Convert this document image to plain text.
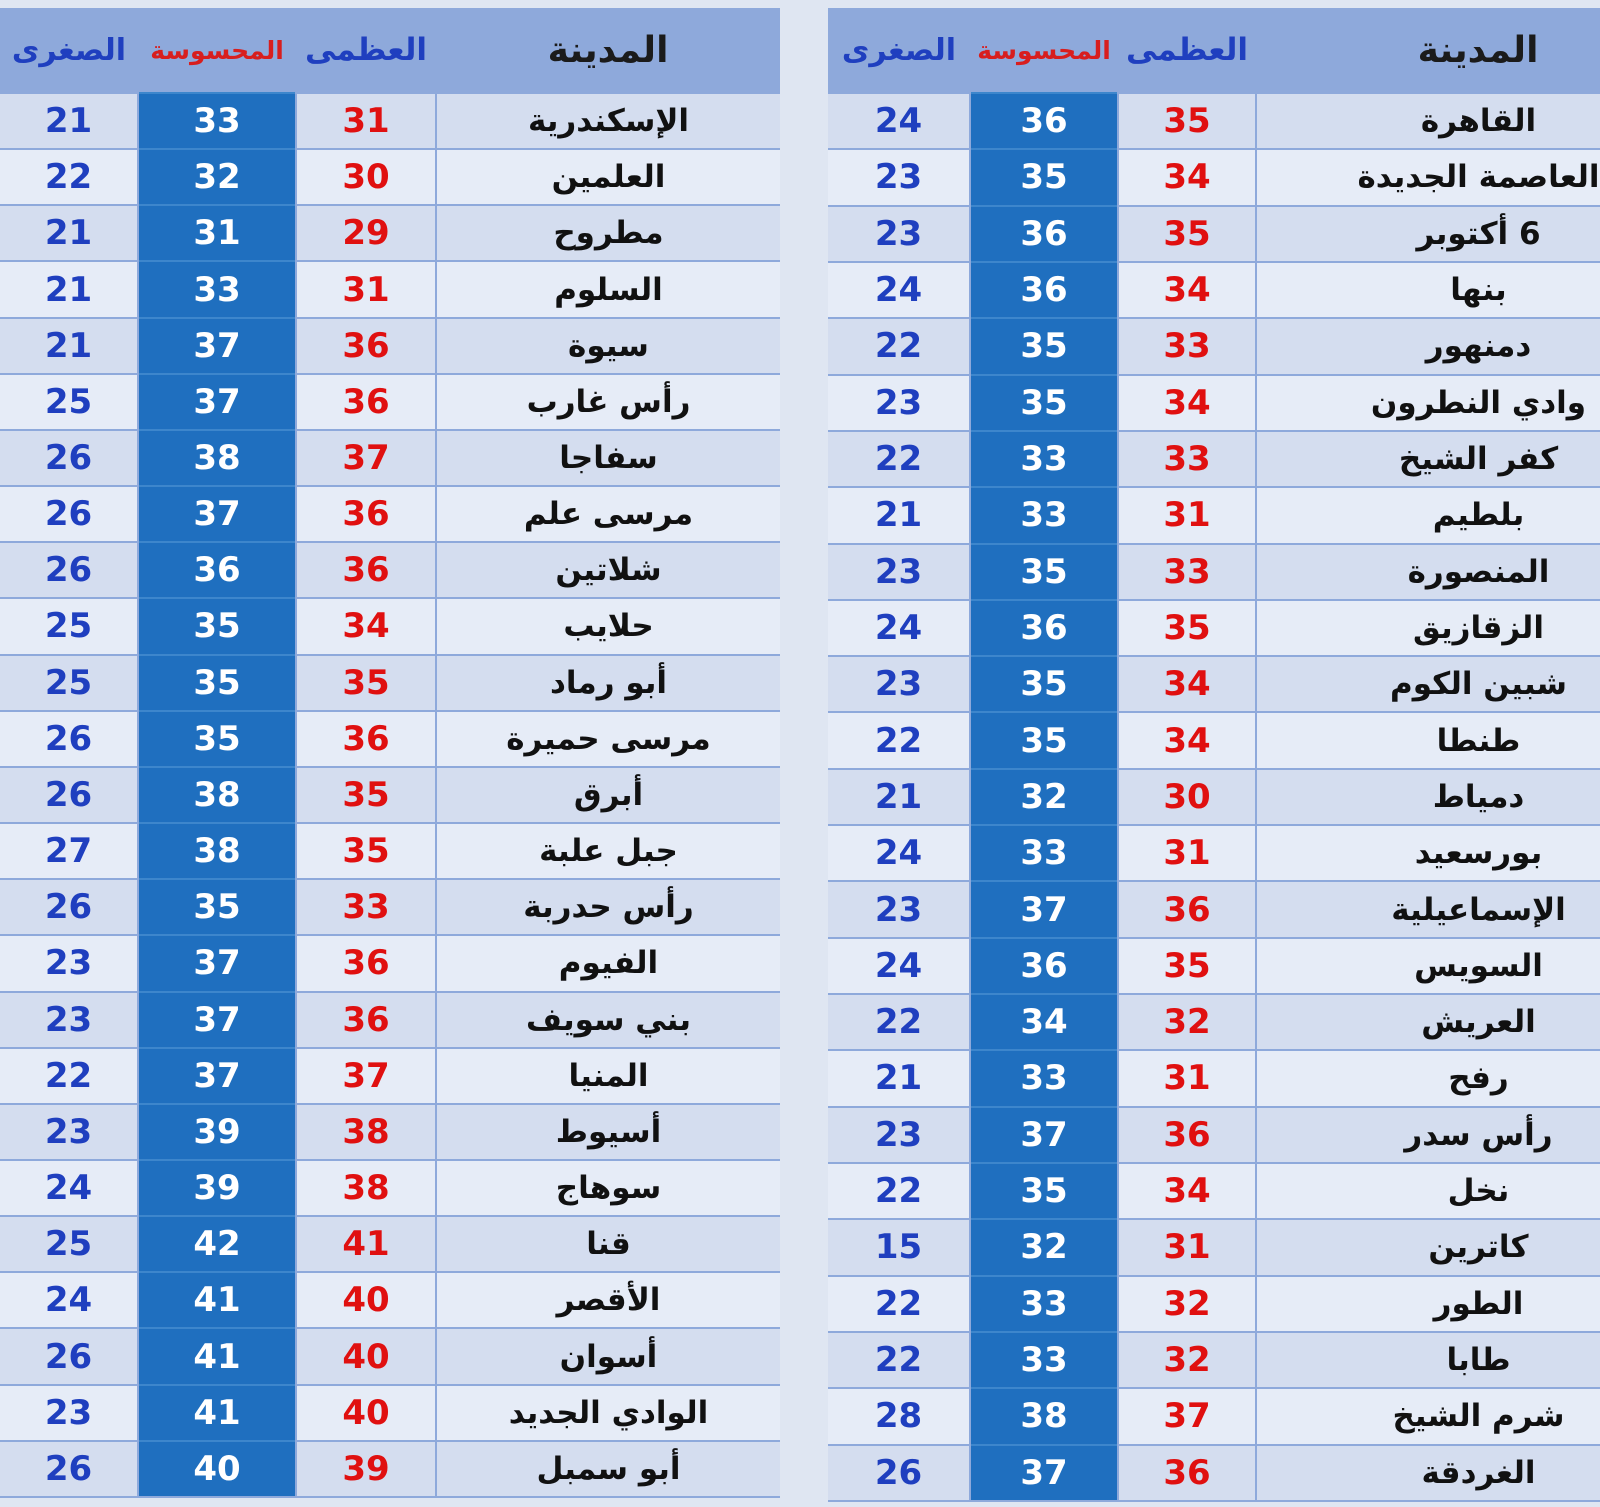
المدينة	العظمى	المحسوسة	الصغرى
القاهرة	35	36	24
العاصمة الجديدة	34	35	23
6 أكتوبر	35	36	23
بنها	34	36	24
دمنهور	33	35	22
وادي النطرون	34	35	23
كفر الشيخ	33	33	22
بلطيم	31	33	21
المنصورة	33	35	23
الزقازيق	35	36	24
شبين الكوم	34	35	23
طنطا	34	35	22
دمياط	30	32	21
بورسعيد	31	33	24
الإسماعيلية	36	37	23
السويس	35	36	24
العريش	32	34	22
رفح	31	33	21
رأس سدر	36	37	23
نخل	34	35	22
كاترين	31	32	15
الطور	32	33	22
طابا	32	33	22
شرم الشيخ	37	38	28
الغردقة	36	37	26
المدينة	العظمى	المحسوسة	الصغرى
الإسكندرية	31	33	21
العلمين	30	32	22
مطروح	29	31	21
السلوم	31	33	21
سيوة	36	37	21
رأس غارب	36	37	25
سفاجا	37	38	26
مرسى علم	36	37	26
شلاتين	36	36	26
حلايب	34	35	25
أبو رماد	35	35	25
مرسى حميرة	36	35	26
أبرق	35	38	26
جبل علبة	35	38	27
رأس حدربة	33	35	26
الفيوم	36	37	23
بني سويف	36	37	23
المنيا	37	37	22
أسيوط	38	39	23
سوهاج	38	39	24
قنا	41	42	25
الأقصر	40	41	24
أسوان	40	41	26
الوادي الجديد	40	41	23
أبو سمبل	39	40	26
